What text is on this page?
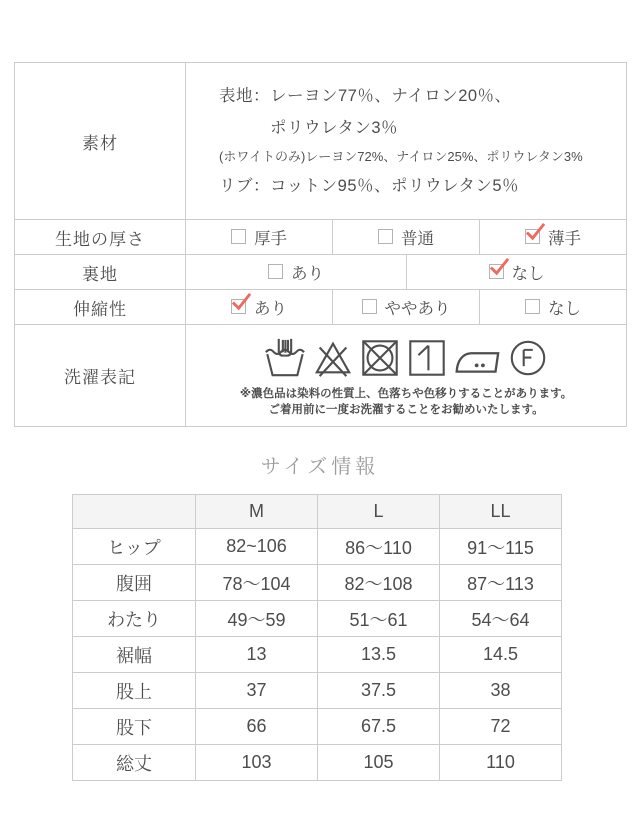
素材	表地：レーヨン77％、ナイロン20％、
ポリウレタン3％
(ホワイトのみ)レーヨン72%、ナイロン25%、ポリウレタン3%
リブ：コットン95％、ポリウレタン5％			

生地の厚さ	厚手	普通		薄手

裏地	あり		なし	

伸縮性	あり	ややあり		なし

洗濯表記	※濃色品は染料の性質上、色落ちや色移りすることがあります。
ご着用前に一度お洗濯することをお勧めいたします。			
サイズ情報
	M	L	LL
ヒップ	82~106	86～110	91～115
腹囲	78～104	82～108	87～113
わたり	49～59	51～61	54～64
裾幅	13	13.5	14.5
股上	37	37.5	38
股下	66	67.5	72
総丈	103	105	110
